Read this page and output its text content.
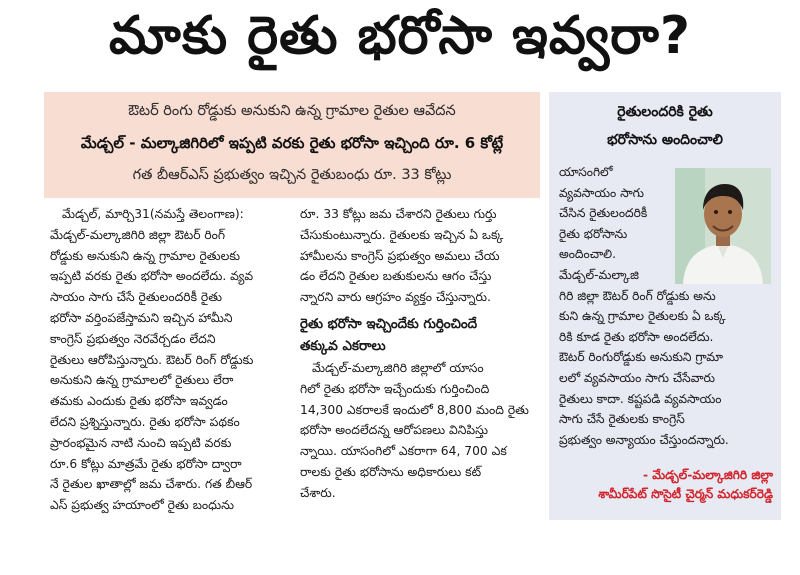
మాకు రైతు భరోసా ఇవ్వరా?
ఔటర్ రింగు రోడ్డుకు అనుకుని ఉన్న గ్రామాల రైతుల ఆవేదన
మేడ్చల్ - మల్కాజిగిరిలో ఇప్పటి వరకు రైతు భరోసా ఇచ్చింది రూ. 6 కోట్లే
గత బీఆర్ఎస్ ప్రభుత్వం ఇచ్చిన రైతుబంధు రూ. 33 కోట్లు

మేడ్చల్, మార్చి31(నమస్తే తెలంగాణ):
మేడ్చల్-మల్కాజిగిరి జిల్లా ఔటర్ రింగ్
రోడ్డుకు అనుకుని ఉన్న గ్రామాల రైతులకు
ఇప్పటి వరకు రైతు భరోసా అందలేదు. వ్యవ
సాయం సాగు చేసే రైతులందరికీ రైతు
భరోసా వర్తింపజేస్తామని ఇచ్చిన హామీని
కాంగ్రెస్ ప్రభుత్వం నెరవేర్చడం లేదని
రైతులు ఆరోపిస్తున్నారు. ఔటర్ రింగ్ రోడ్డుకు
అనుకుని ఉన్న గ్రామాలలో రైతులు లేరా
తమకు ఎందుకు రైతు భరోసా ఇవ్వడం
లేదని ప్రశ్నిస్తున్నారు. రైతు భరోసా పథకం
ప్రారంభమైన నాటి నుంచి ఇప్పటి వరకు
రూ.6 కోట్లు మాత్రమే రైతు భరోసా ద్వారా
నే రైతుల ఖాతాల్లో జమ చేశారు. గత బీఆర్
ఎస్ ప్రభుత్వ హయాంలో రైతు బంధును

రూ. 33 కోట్లు జమ చేశారని రైతులు గుర్తు
చేసుకుంటున్నారు. రైతులకు ఇచ్చిన ఏ ఒక్క
హామీలను కాంగ్రెస్ ప్రభుత్వం అమలు చేయ
డం లేదని రైతుల బతుకులను ఆగం చేస్తు
న్నారని వారు ఆగ్రహం వ్యక్తం చేస్తున్నారు.

రైతు భరోసా ఇచ్చిందేకు గుర్తించిందే
తక్కువ ఎకరాలు

మేడ్చల్-మల్కాజిగిరి జిల్లాలో యాసం
గిలో రైతు భరోసా ఇచ్చేందుకు గుర్తించింది
14,300 ఎకరాలకే ఇందులో 8,800 మంది రైతు
భరోసా అందలేదన్న ఆరోపణలు వినిపిస్తు
న్నాయి. యాసంగిలో ఎకరాగా 64, 700 ఎక
రాలకు రైతు భరోసాను అధికారులు కట్
చేశారు.

రైతులందరికి రైతు
భరోసాను అందించాలి
యాసంగిలో
వ్యవసాయం సాగు
చేసిన రైతులందరికీ
రైతు భరోసాను
అందించాలి.
మేడ్చల్-మల్కాజి
గిరి జిల్లా ఔటర్ రింగ్ రోడ్డుకు అను
కుని ఉన్న గ్రామాల రైతులకు ఏ ఒక్క
రికి కూడ రైతు భరోసా అందలేదు.
ఔటర్ రింగురోడ్డుకు అనుకుని గ్రామా
లలో వ్యవసాయం సాగు చేసేవారు
రైతులు కాదా. కష్టపడి వ్యవసాయం
సాగు చేసే రైతులకు కాంగ్రెస్
ప్రభుత్వం అన్యాయం చేస్తుందన్నారు.
- మేడ్చల్-మల్కాజిగిరి జిల్లా
శామీర్‌పేట్ సొసైటీ చైర్మన్ మధుకర్‌రెడ్డి
